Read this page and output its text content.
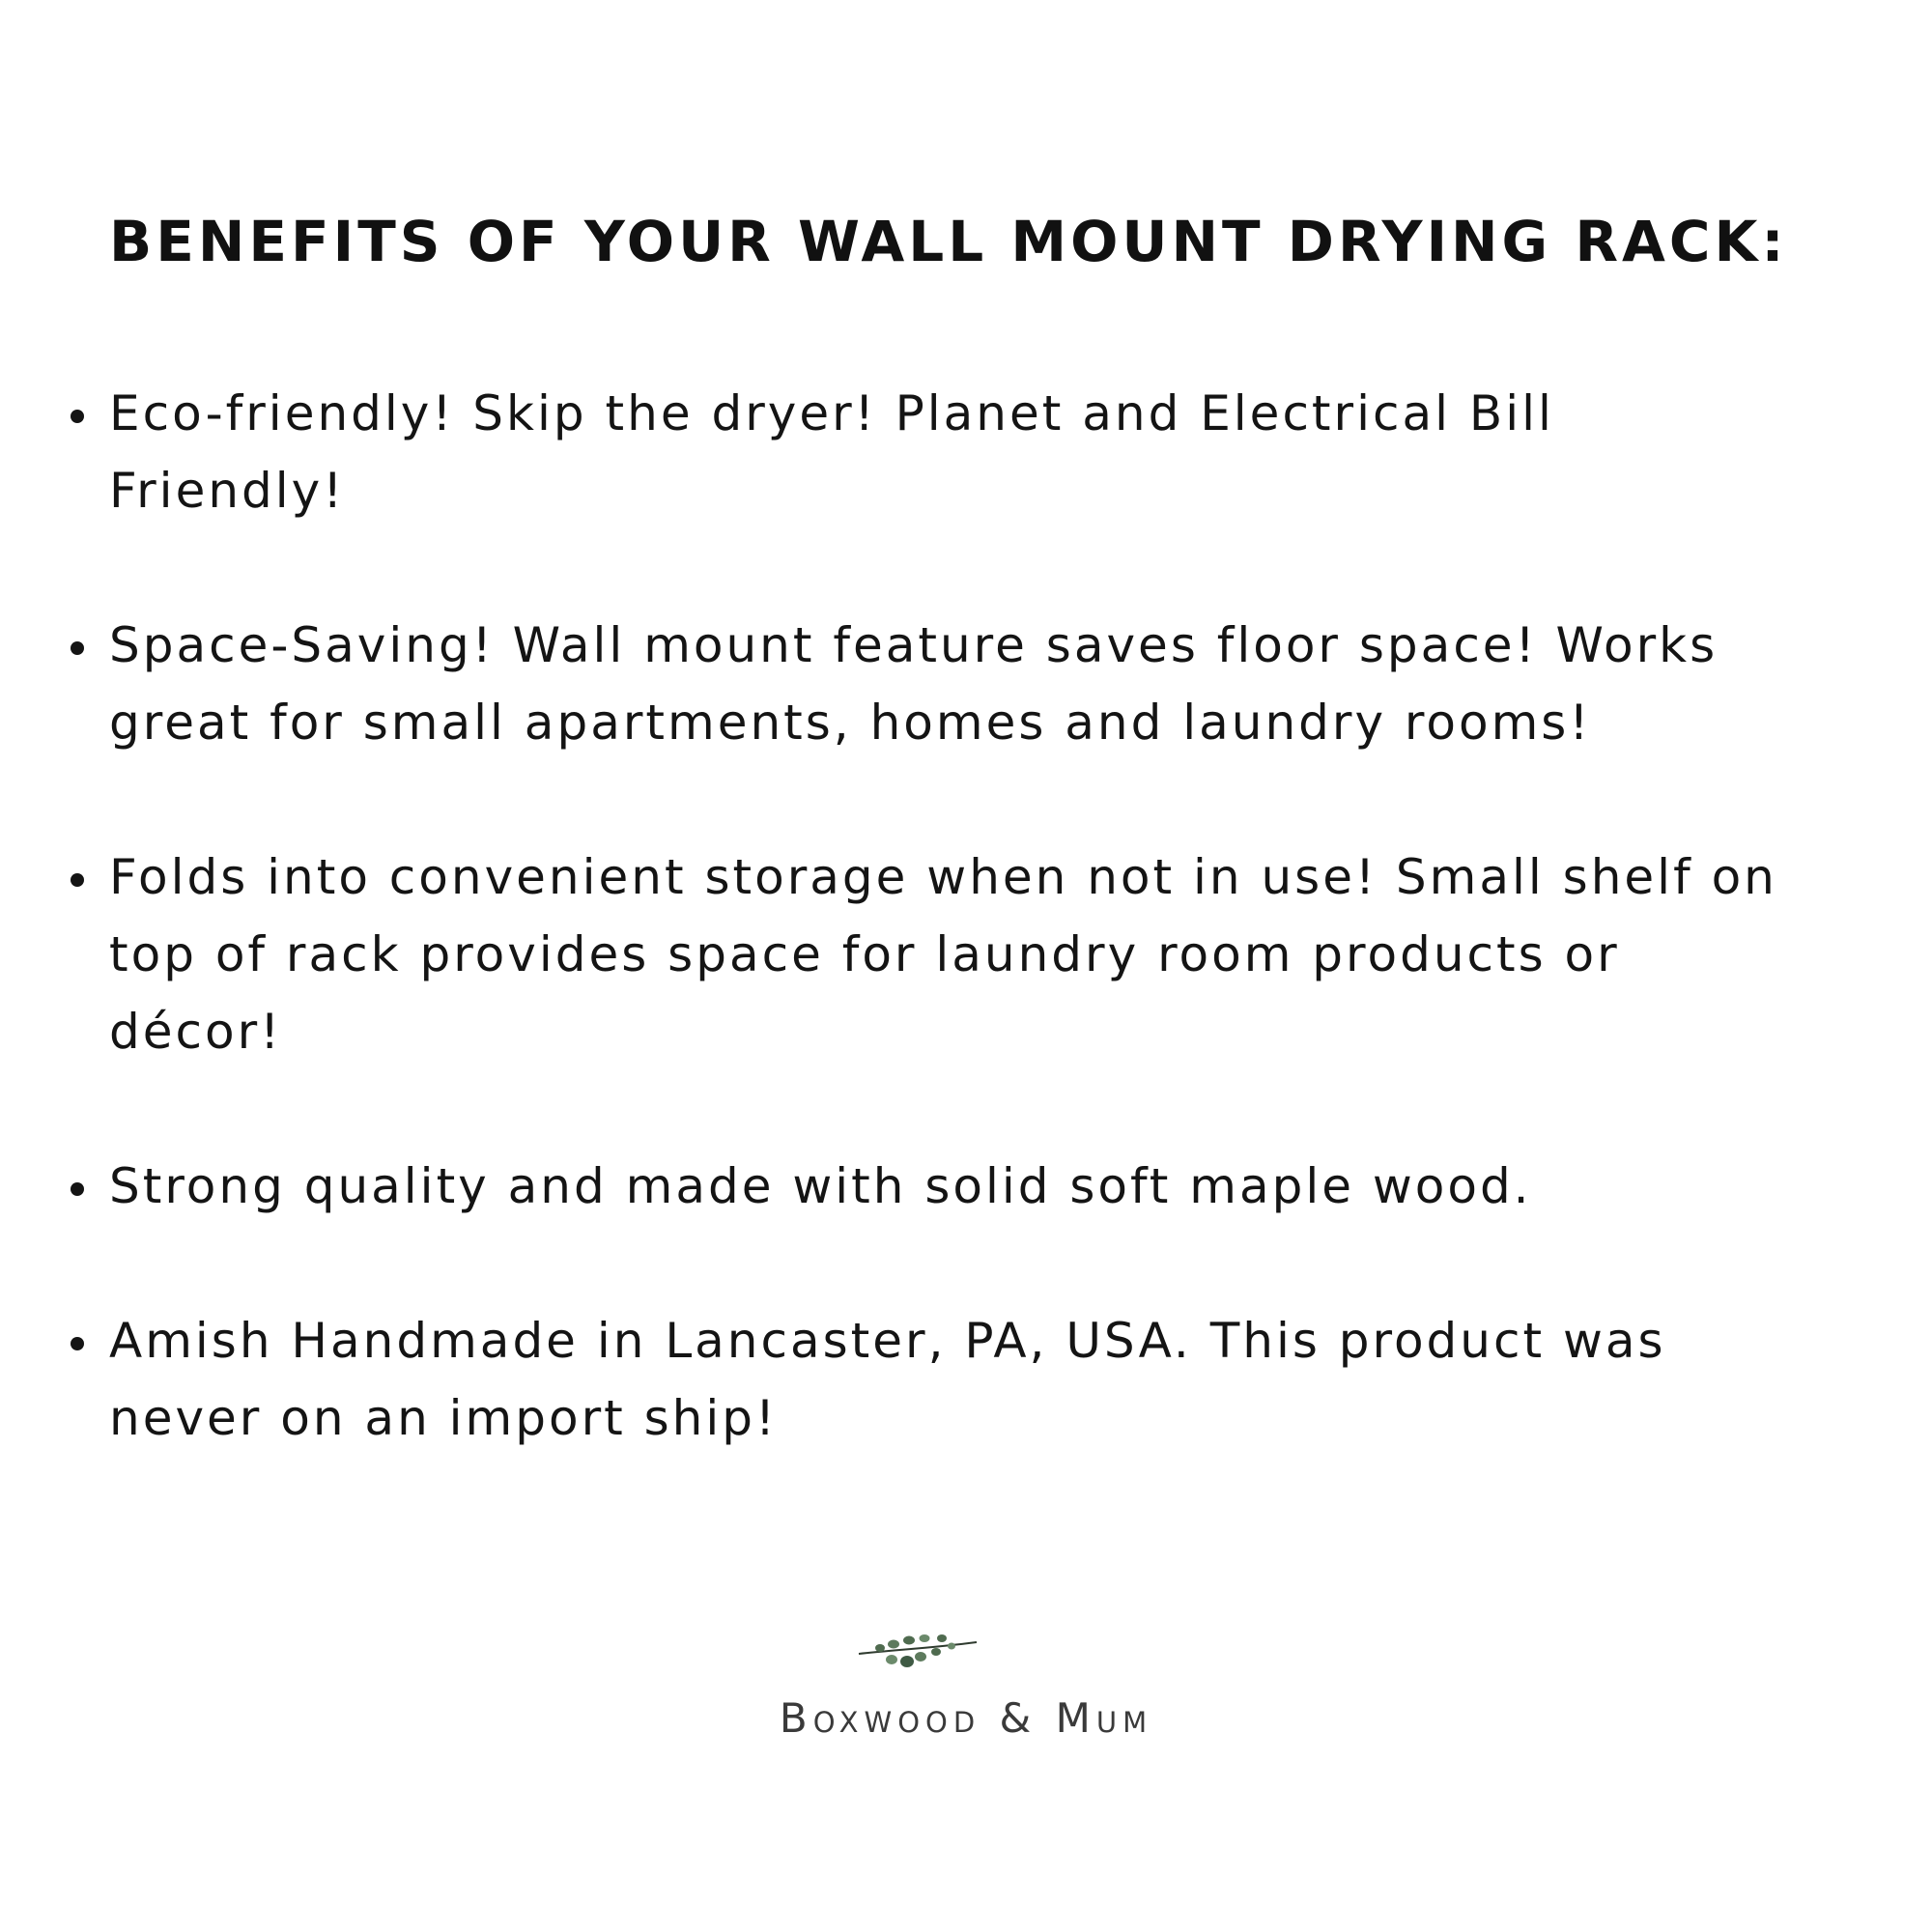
BENEFITS OF YOUR WALL MOUNT DRYING RACK:
Eco-friendly! Skip the dryer! Planet and Electrical Bill
Friendly!
Space-Saving! Wall mount feature saves floor space! Works
great for small apartments, homes and laundry rooms!
Folds into convenient storage when not in use! Small shelf on
top of rack provides space for laundry room products or
décor!
Strong quality and made with solid soft maple wood.
Amish Handmade in Lancaster, PA, USA. This product was
never on an import ship!
Boxwood & Mum
